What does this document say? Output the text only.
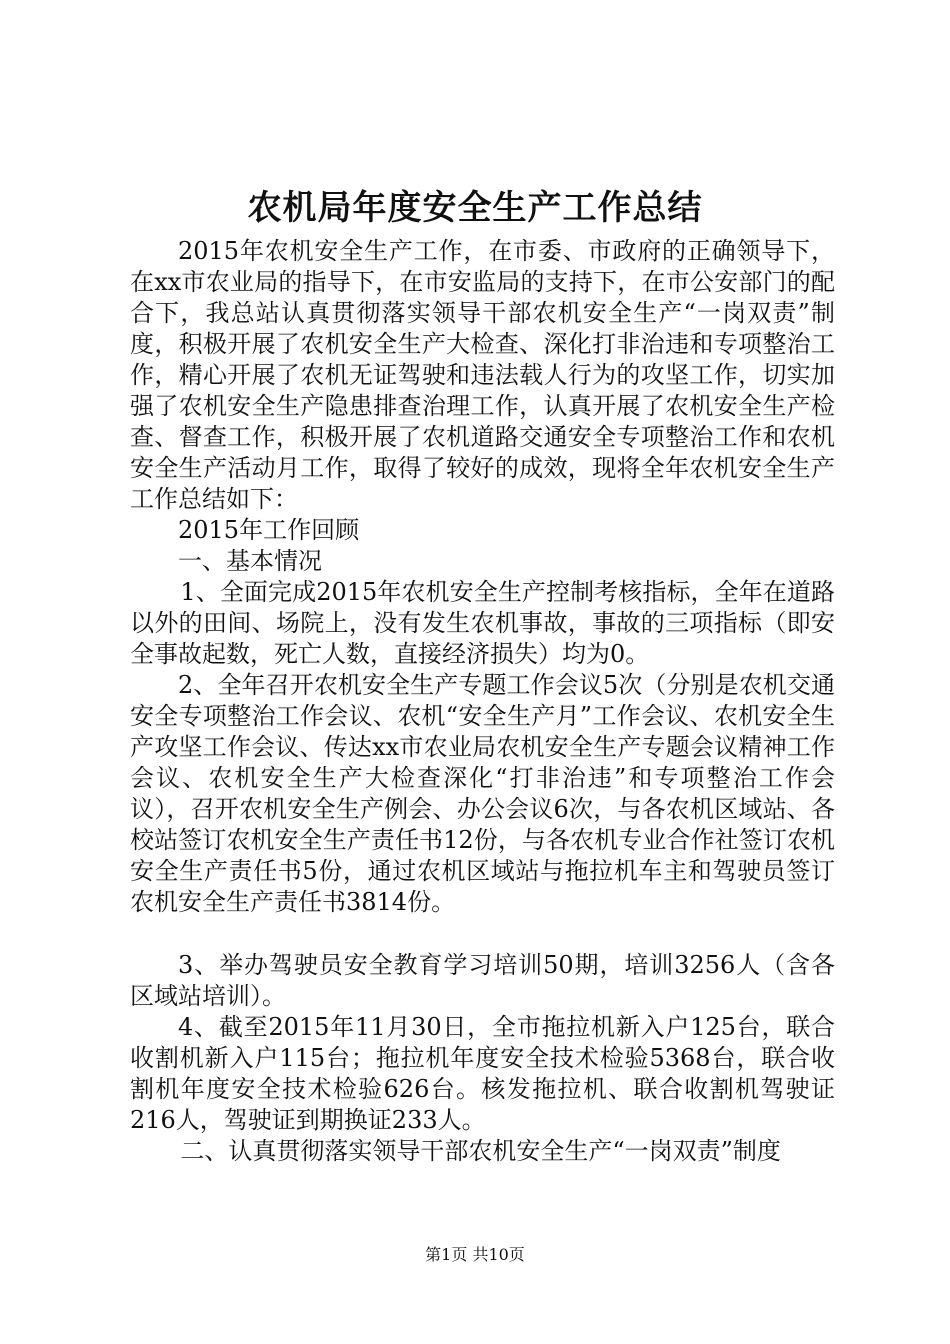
农机局年度安全生产工作总结

2015年农机安全生产工作，在市委、市政府的正确领导下，在xx市农业局的指导下，在市安监局的支持下，在市公安部门的配合下，我总站认真贯彻落实领导干部农机安全生产“一岗双责”制度，积极开展了农机安全生产大检查、深化打非治违和专项整治工作，精心开展了农机无证驾驶和违法载人行为的攻坚工作，切实加强了农机安全生产隐患排查治理工作，认真开展了农机安全生产检查、督查工作，积极开展了农机道路交通安全专项整治工作和农机安全生产活动月工作，取得了较好的成效，现将全年农机安全生产工作总结如下：

2015年工作回顾

一、基本情况

1、全面完成2015年农机安全生产控制考核指标，全年在道路以外的田间、场院上，没有发生农机事故，事故的三项指标（即安全事故起数，死亡人数，直接经济损失）均为0。

2、全年召开农机安全生产专题工作会议5次（分别是农机交通安全专项整治工作会议、农机“安全生产月”工作会议、农机安全生产攻坚工作会议、传达xx市农业局农机安全生产专题会议精神工作会议、农机安全生产大检查深化“打非治违”和专项整治工作会议），召开农机安全生产例会、办公会议6次，与各农机区域站、各校站签订农机安全生产责任书12份，与各农机专业合作社签订农机安全生产责任书5份，通过农机区域站与拖拉机车主和驾驶员签订农机安全生产责任书3814份。

3、举办驾驶员安全教育学习培训50期，培训3256人（含各区域站培训）。

4、截至2015年11月30日，全市拖拉机新入户125台，联合收割机新入户115台；拖拉机年度安全技术检验5368台，联合收割机年度安全技术检验626台。核发拖拉机、联合收割机驾驶证216人，驾驶证到期换证233人。

二、认真贯彻落实领导干部农机安全生产“一岗双责”制度

第1页 共10页
